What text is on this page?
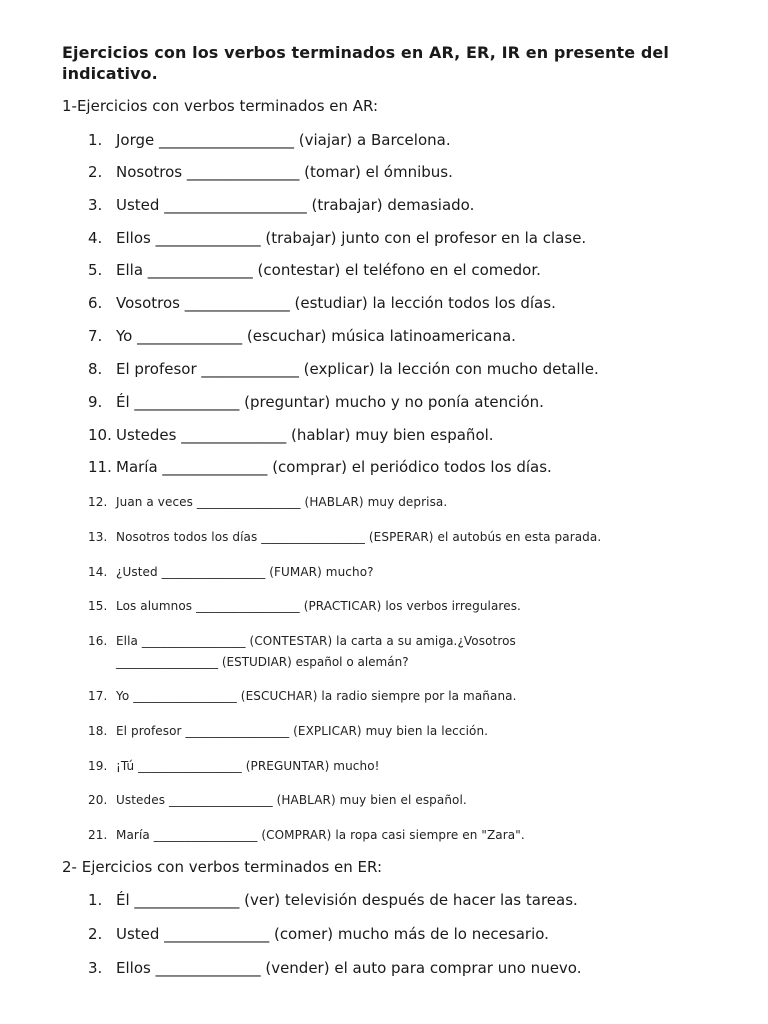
Ejercicios con los verbos terminados en AR, ER, IR en presente del indicativo.
1-Ejercicios con verbos terminados en AR:
1. Jorge __________________ (viajar) a Barcelona.
2. Nosotros _______________ (tomar) el ómnibus.
3. Usted ___________________ (trabajar) demasiado.
4. Ellos ______________ (trabajar) junto con el profesor en la clase.
5. Ella ______________ (contestar) el teléfono en el comedor.
6. Vosotros ______________ (estudiar) la lección todos los días.
7. Yo ______________ (escuchar) música latinoamericana.
8. El profesor _____________ (explicar) la lección con mucho detalle.
9. Él ______________ (preguntar) mucho y no ponía atención.
10. Ustedes ______________ (hablar) muy bien español.
11. María ______________ (comprar) el periódico todos los días.
12. Juan a veces _________________ (HABLAR) muy deprisa.
13. Nosotros todos los días _________________ (ESPERAR) el autobús en esta parada.
14. ¿Usted _________________ (FUMAR) mucho?
15. Los alumnos _________________ (PRACTICAR) los verbos irregulares.
16. Ella _________________ (CONTESTAR) la carta a su amiga.¿Vosotros
_________________ (ESTUDIAR) español o alemán?
17. Yo _________________ (ESCUCHAR) la radio siempre por la mañana.
18. El profesor _________________ (EXPLICAR) muy bien la lección.
19. ¡Tú _________________ (PREGUNTAR) mucho!
20. Ustedes _________________ (HABLAR) muy bien el español.
21. María _________________ (COMPRAR) la ropa casi siempre en "Zara".
2- Ejercicios con verbos terminados en ER:
1. Él ______________ (ver) televisión después de hacer las tareas.
2. Usted ______________ (comer) mucho más de lo necesario.
3. Ellos ______________ (vender) el auto para comprar uno nuevo.
